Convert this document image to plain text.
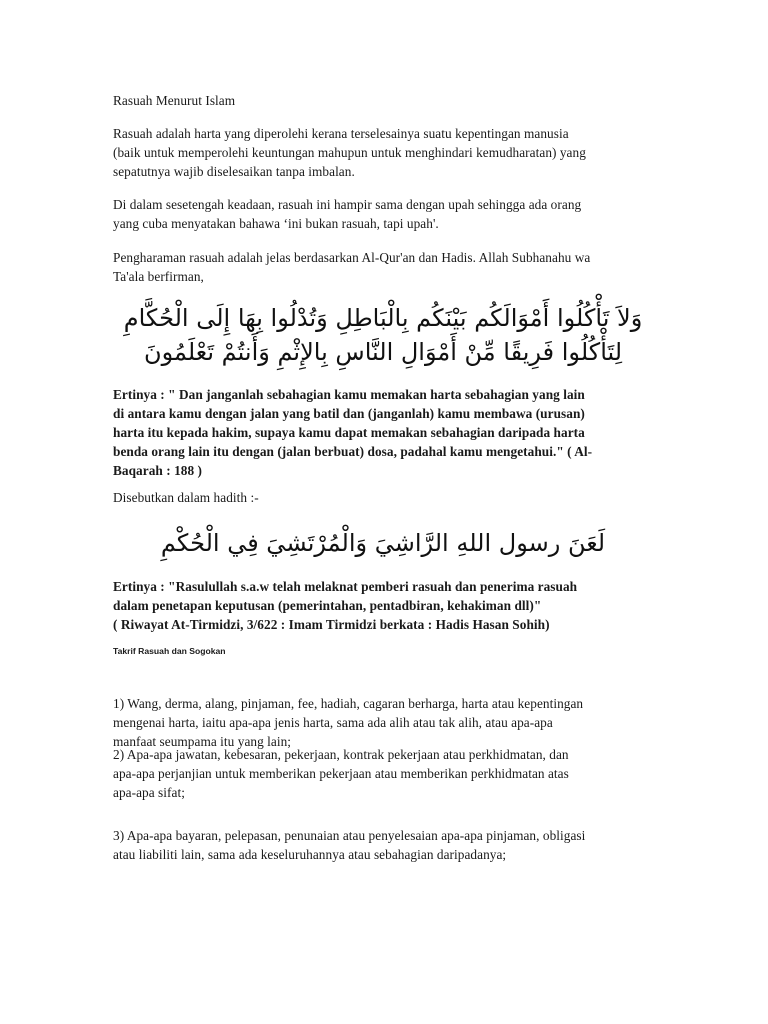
Rasuah Menurut Islam
Rasuah adalah harta yang diperolehi kerana terselesainya suatu kepentingan manusia
(baik untuk memperolehi keuntungan mahupun untuk menghindari kemudharatan) yang
sepatutnya wajib diselesaikan tanpa imbalan.
Di dalam sesetengah keadaan, rasuah ini hampir sama dengan upah sehingga ada orang
yang cuba menyatakan bahawa ‘ini bukan rasuah, tapi upah'.
Pengharaman rasuah adalah jelas berdasarkan Al-Qur'an dan Hadis. Allah Subhanahu wa
Ta'ala berfirman,
وَلاَ تَأْكُلُوا أَمْوَالَكُم بَيْنَكُم بِالْبَاطِلِ وَتُدْلُوا بِهَا إِلَى الْحُكَّامِ
لِتَأْكُلُوا فَرِيقًا مِّنْ أَمْوَالِ النَّاسِ بِالإِثْمِ وَأَنتُمْ تَعْلَمُونَ
Ertinya : " Dan janganlah sebahagian kamu memakan harta sebahagian yang lain
di antara kamu dengan jalan yang batil dan (janganlah) kamu membawa (urusan)
harta itu kepada hakim, supaya kamu dapat memakan sebahagian daripada harta
benda orang lain itu dengan (jalan berbuat) dosa, padahal kamu mengetahui." ( Al-
Baqarah : 188 )
Disebutkan dalam hadith :-
لَعَنَ رسول اللهِ الرَّاشِيَ وَالْمُرْتَشِيَ فِي الْحُكْمِ
Ertinya : "Rasulullah s.a.w telah melaknat pemberi rasuah dan penerima rasuah
dalam penetapan keputusan (pemerintahan, pentadbiran, kehakiman dll)"
( Riwayat At-Tirmidzi, 3/622 : Imam Tirmidzi berkata : Hadis Hasan Sohih)
Takrif Rasuah dan Sogokan
1) Wang, derma, alang, pinjaman, fee, hadiah, cagaran berharga, harta atau kepentingan
mengenai harta, iaitu apa-apa jenis harta, sama ada alih atau tak alih, atau apa-apa
manfaat seumpama itu yang lain;
2) Apa-apa jawatan, kebesaran, pekerjaan, kontrak pekerjaan atau perkhidmatan, dan
apa-apa perjanjian untuk memberikan pekerjaan atau memberikan perkhidmatan atas
apa-apa sifat;
3) Apa-apa bayaran, pelepasan, penunaian atau penyelesaian apa-apa pinjaman, obligasi
atau liabiliti lain, sama ada keseluruhannya atau sebahagian daripadanya;
